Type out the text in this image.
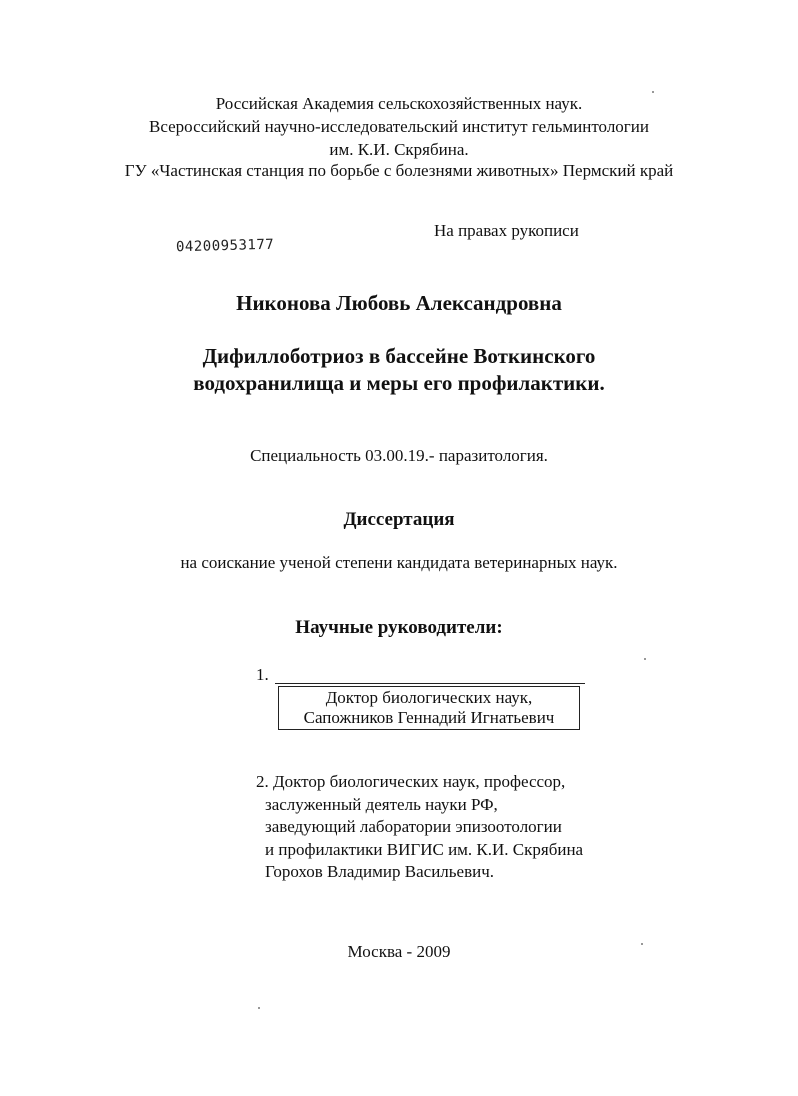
Российская Академия сельскохозяйственных наук.
Всероссийский научно-исследовательский институт гельминтологии
им. К.И. Скрябина.
ГУ «Частинская станция по борьбе с болезнями животных» Пермский край
На правах рукописи
04200953177
Никонова Любовь Александровна
Дифиллоботриоз в бассейне Воткинского
водохранилища и меры его профилактики.
Специальность 03.00.19.- паразитология.
Диссертация
на соискание ученой степени кандидата ветеринарных наук.
Научные руководители:
1.
Доктор биологических наук,
Сапожников Геннадий Игнатьевич
2. Доктор биологических наук, профессор,
заслуженный деятель науки РФ,
заведующий лаборатории эпизоотологии
и профилактики ВИГИС им. К.И. Скрябина
Горохов Владимир Васильевич.
Москва - 2009
